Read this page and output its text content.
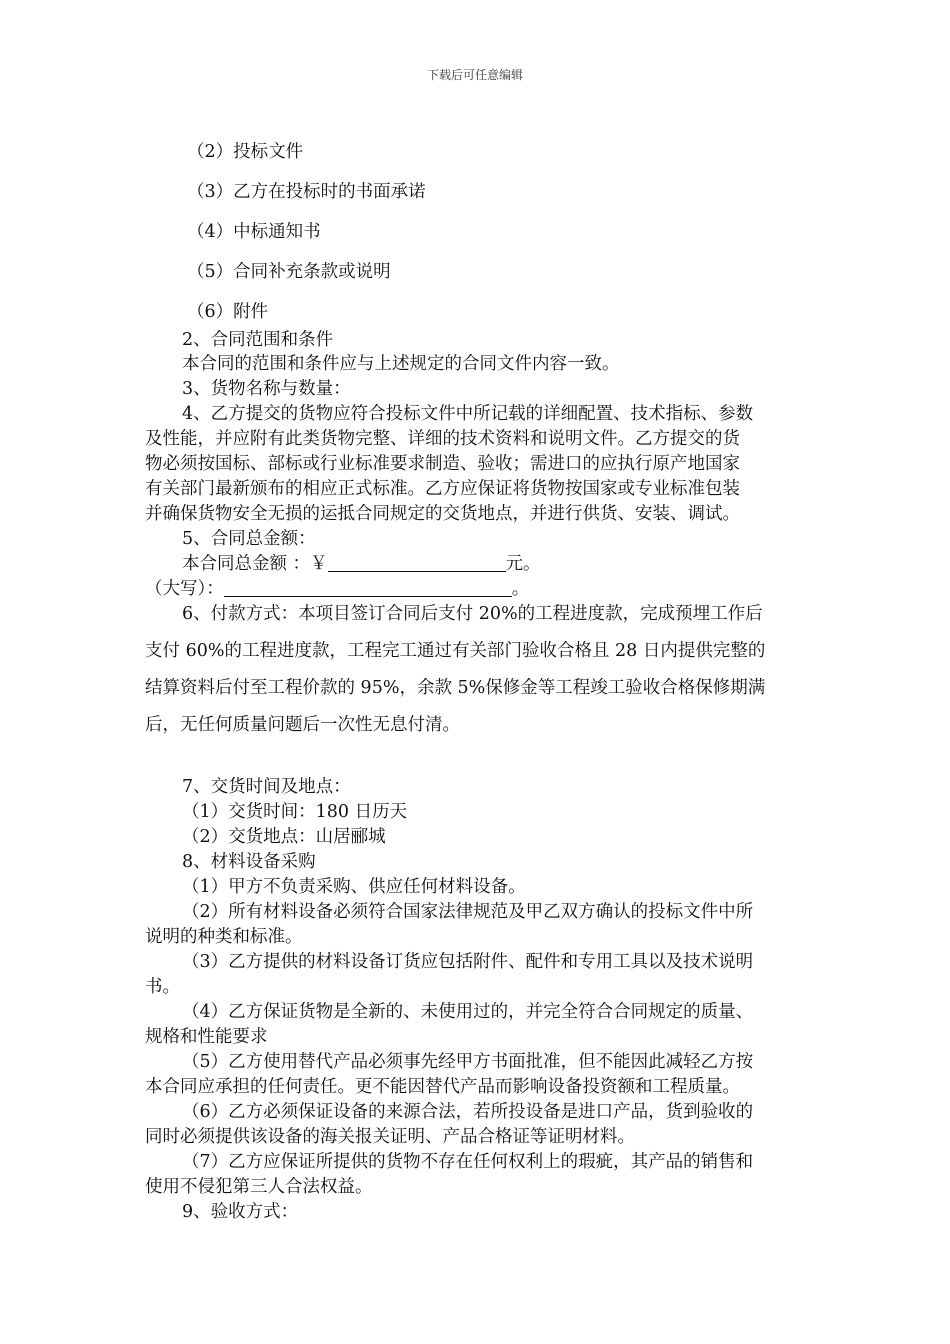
下载后可任意编辑
（2）投标文件
（3）乙方在投标时的书面承诺
（4）中标通知书
（5）合同补充条款或说明
（6）附件
2、合同范围和条件
本合同的范围和条件应与上述规定的合同文件内容一致。
3、货物名称与数量：
4、乙方提交的货物应符合投标文件中所记载的详细配置、技术指标、参数
及性能，并应附有此类货物完整、详细的技术资料和说明文件。乙方提交的货
物必须按国标、部标或行业标准要求制造、验收；需进口的应执行原产地国家
有关部门最新颁布的相应正式标准。乙方应保证将货物按国家或专业标准包装
并确保货物安全无损的运抵合同规定的交货地点，并进行供货、安装、调试。
5、合同总金额：
本合同总金额 ：￥	元。
（大写）：	。
6、付款方式：本项目签订合同后支付 20%的工程进度款，完成预埋工作后
支付 60%的工程进度款，工程完工通过有关部门验收合格且 28 日内提供完整的
结算资料后付至工程价款的 95%，余款 5%保修金等工程竣工验收合格保修期满
后，无任何质量问题后一次性无息付清。
7、交货时间及地点：
（1）交货时间：180 日历天
（2）交货地点：山居郦城
8、材料设备采购
（1）甲方不负责采购、供应任何材料设备。
（2）所有材料设备必须符合国家法律规范及甲乙双方确认的投标文件中所
说明的种类和标准。
（3）乙方提供的材料设备订货应包括附件、配件和专用工具以及技术说明
书。
（4）乙方保证货物是全新的、未使用过的，并完全符合合同规定的质量、
规格和性能要求
（5）乙方使用替代产品必须事先经甲方书面批准，但不能因此减轻乙方按
本合同应承担的任何责任。更不能因替代产品而影响设备投资额和工程质量。
（6）乙方必须保证设备的来源合法，若所投设备是进口产品，货到验收的
同时必须提供该设备的海关报关证明、产品合格证等证明材料。
（7）乙方应保证所提供的货物不存在任何权利上的瑕疵，其产品的销售和
使用不侵犯第三人合法权益。
9、验收方式：
